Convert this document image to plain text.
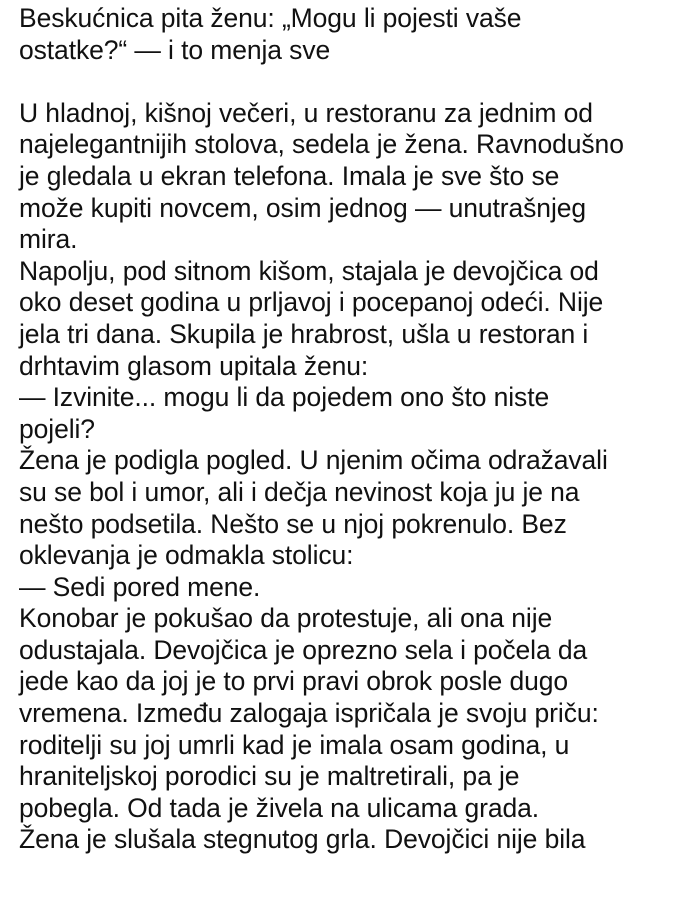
Beskućnica pita ženu: „Mogu li pojesti vaše
ostatke?“ — i to menja sve
U hladnoj, kišnoj večeri, u restoranu za jednim od
najelegantnijih stolova, sedela je žena. Ravnodušno
je gledala u ekran telefona. Imala je sve što se
može kupiti novcem, osim jednog — unutrašnjeg
mira.
Napolju, pod sitnom kišom, stajala je devojčica od
oko deset godina u prljavoj i pocepanoj odeći. Nije
jela tri dana. Skupila je hrabrost, ušla u restoran i
drhtavim glasom upitala ženu:
— Izvinite... mogu li da pojedem ono što niste
pojeli?
Žena je podigla pogled. U njenim očima odražavali
su se bol i umor, ali i dečja nevinost koja ju je na
nešto podsetila. Nešto se u njoj pokrenulo. Bez
oklevanja je odmakla stolicu:
— Sedi pored mene.
Konobar je pokušao da protestuje, ali ona nije
odustajala. Devojčica je oprezno sela i počela da
jede kao da joj je to prvi pravi obrok posle dugo
vremena. Između zalogaja ispričala je svoju priču:
roditelji su joj umrli kad je imala osam godina, u
hraniteljskoj porodici su je maltretirali, pa je
pobegla. Od tada je živela na ulicama grada.
Žena je slušala stegnutog grla. Devojčici nije bila
